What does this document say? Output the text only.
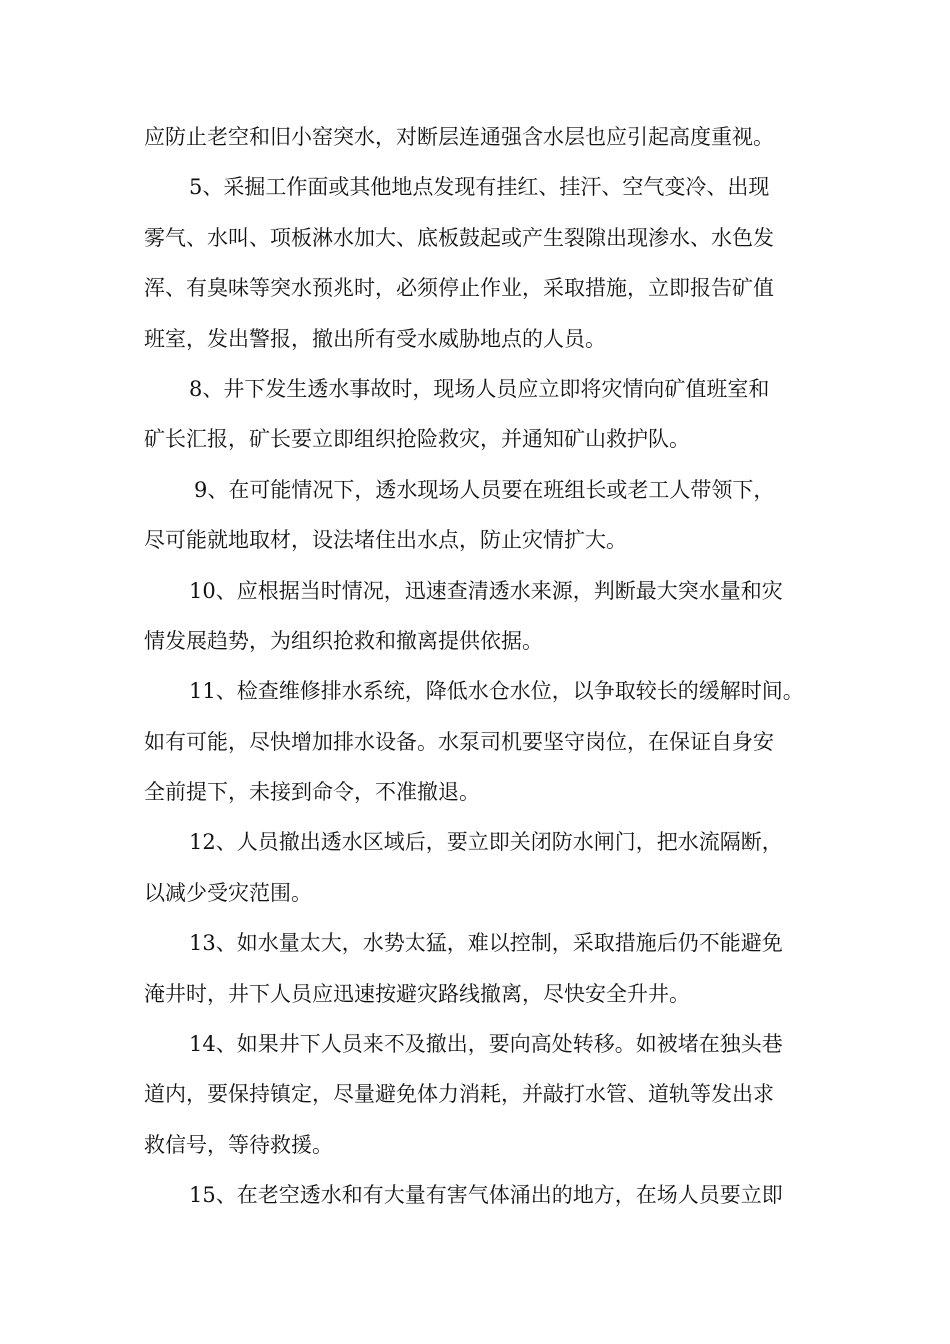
应防止老空和旧小窑突水，对断层连通强含水层也应引起高度重视。
5、采掘工作面或其他地点发现有挂红、挂汗、空气变冷、出现
雾气、水叫、项板淋水加大、底板鼓起或产生裂隙出现渗水、水色发
浑、有臭味等突水预兆时，必须停止作业，采取措施，立即报告矿值
班室，发出警报，撤出所有受水威胁地点的人员。
8、井下发生透水事故时，现场人员应立即将灾情向矿值班室和
矿长汇报，矿长要立即组织抢险救灾，并通知矿山救护队。
9、在可能情况下，透水现场人员要在班组长或老工人带领下，
尽可能就地取材，设法堵住出水点，防止灾情扩大。
10、应根据当时情况，迅速查清透水来源，判断最大突水量和灾
情发展趋势，为组织抢救和撤离提供依据。
11、检查维修排水系统，降低水仓水位，以争取较长的缓解时间。
如有可能，尽快增加排水设备。水泵司机要坚守岗位，在保证自身安
全前提下，未接到命令，不准撤退。
12、人员撤出透水区域后，要立即关闭防水闸门，把水流隔断，
以减少受灾范围。
13、如水量太大，水势太猛，难以控制，采取措施后仍不能避免
淹井时，井下人员应迅速按避灾路线撤离，尽快安全升井。
14、如果井下人员来不及撤出，要向高处转移。如被堵在独头巷
道内，要保持镇定，尽量避免体力消耗，并敲打水管、道轨等发出求
救信号，等待救援。
15、在老空透水和有大量有害气体涌出的地方，在场人员要立即
